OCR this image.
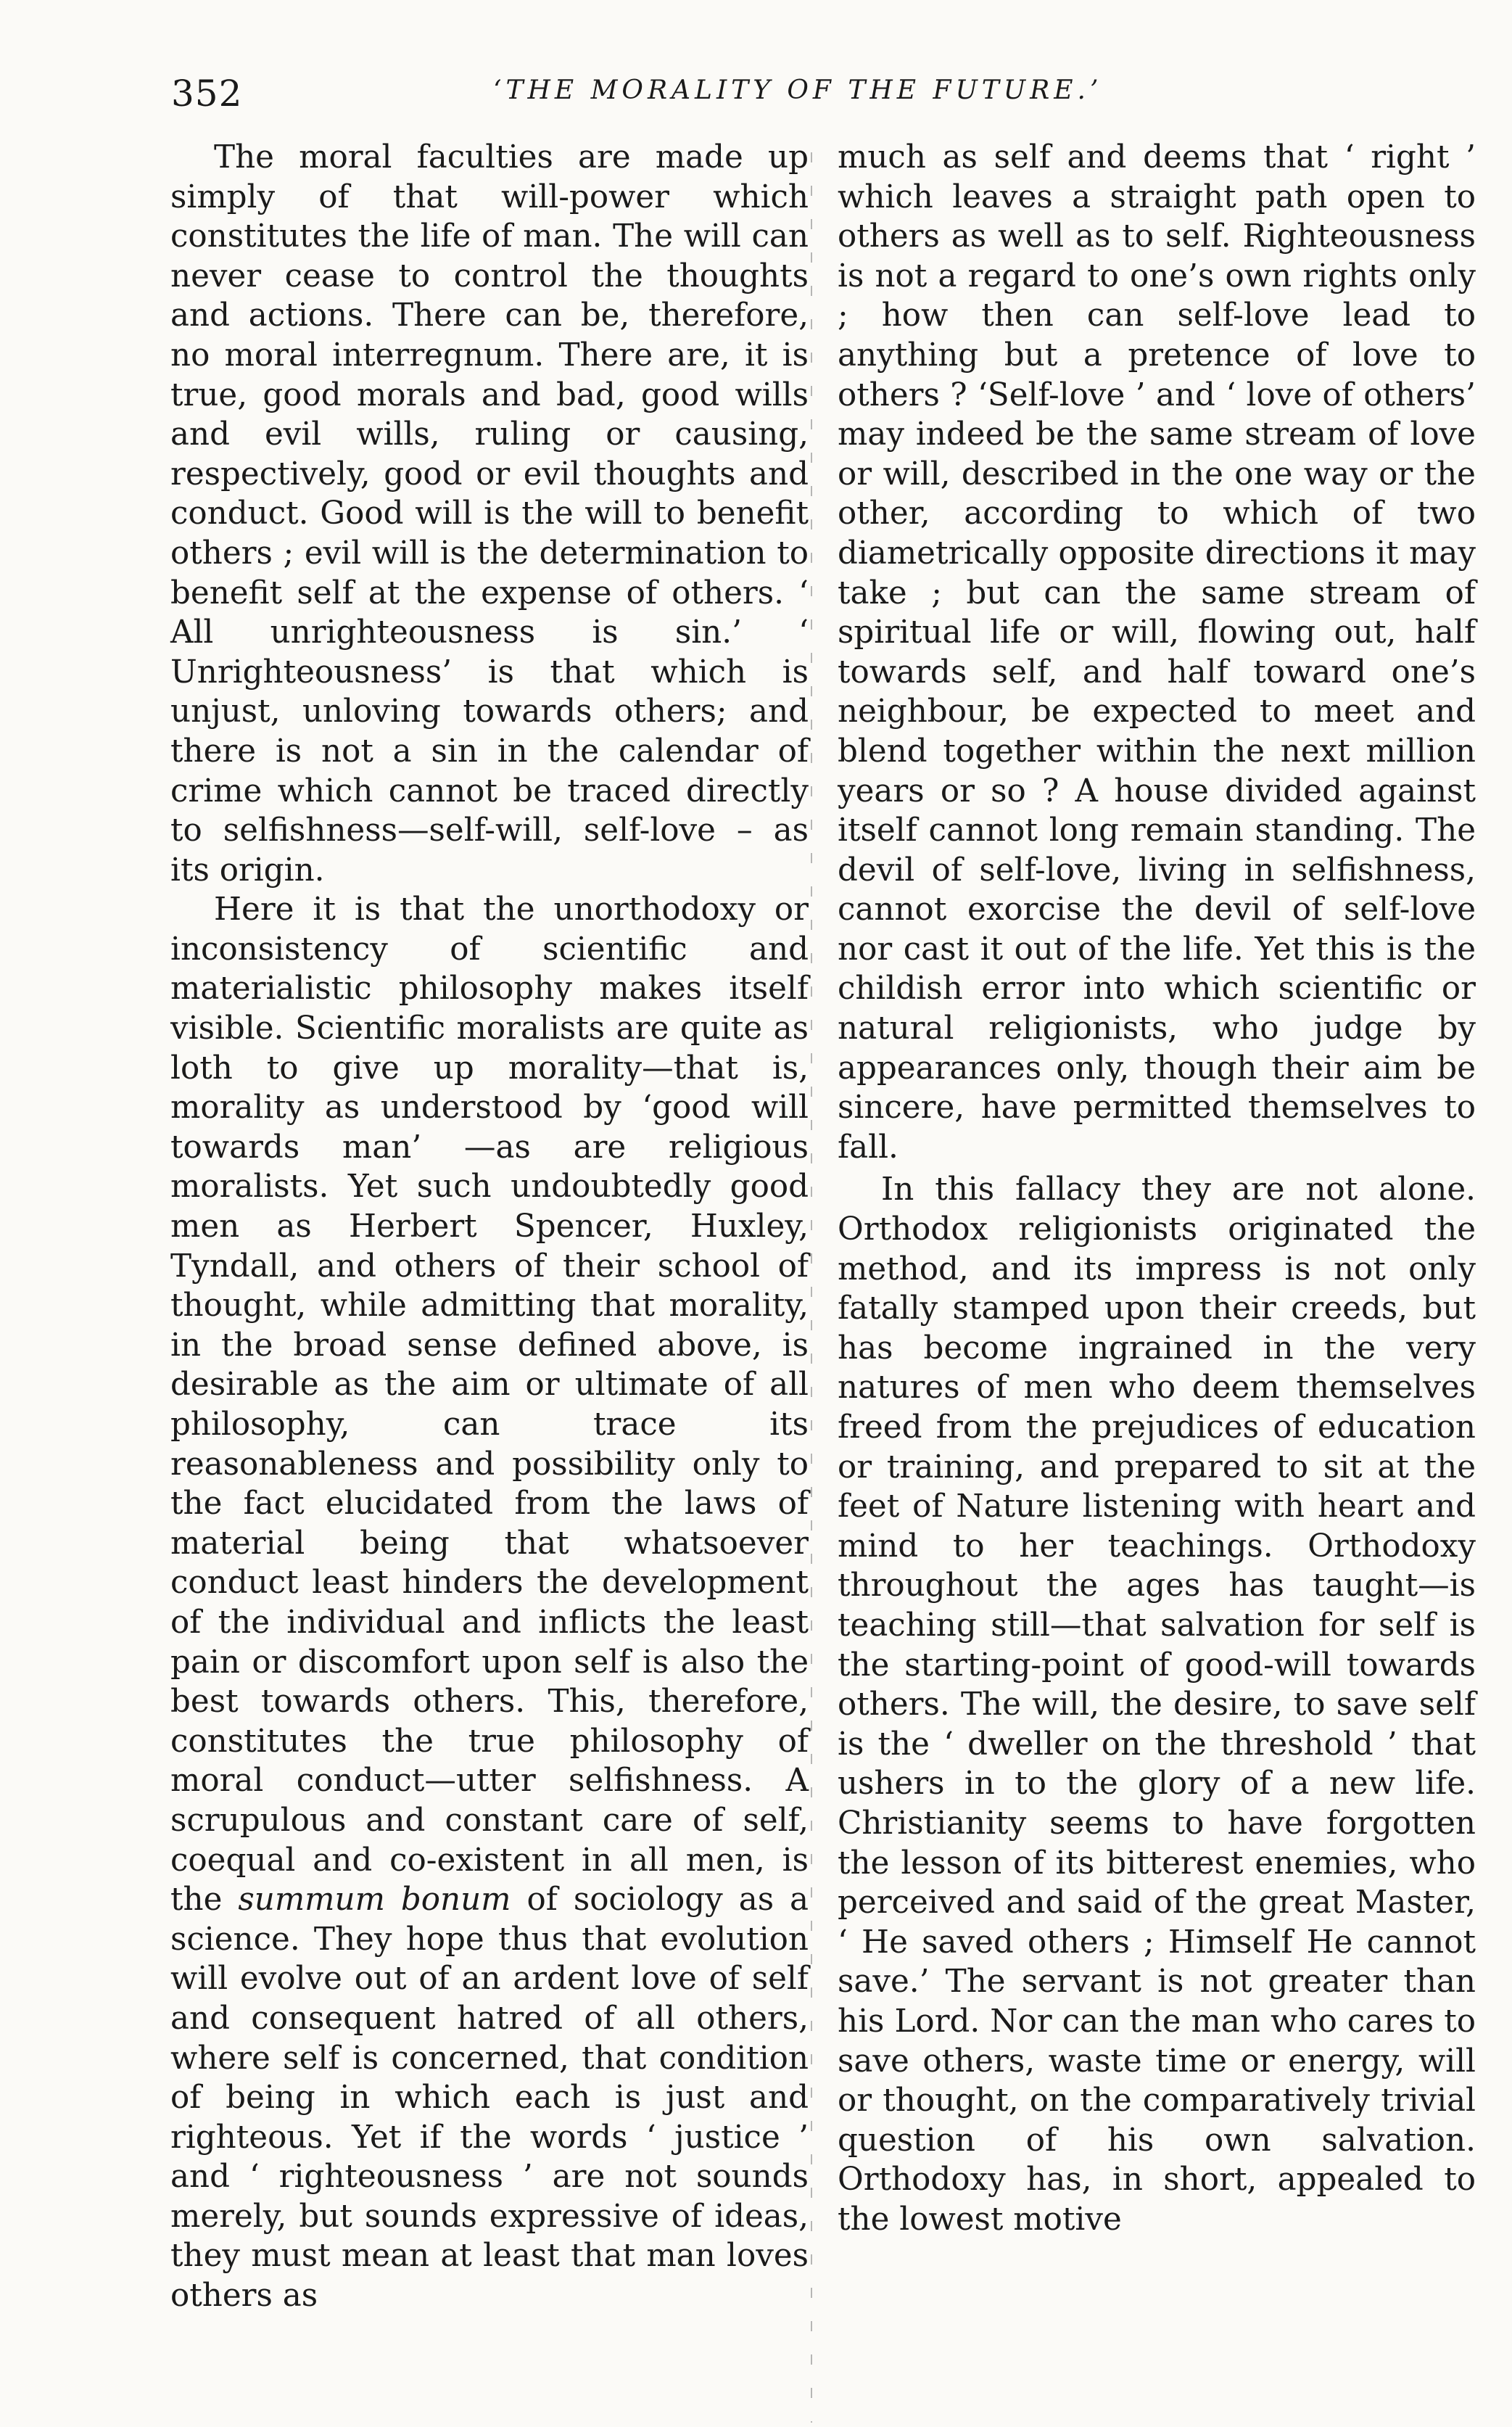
352	‘THE MORALITY OF THE FUTURE.’

The moral faculties are made up simply of that will-power which constitutes the life of man. The will can never cease to control the thoughts and actions. There can be, therefore, no moral interregnum. There are, it is true, good morals and bad, good wills and evil wills, ruling or causing, respectively, good or evil thoughts and conduct. Good will is the will to benefit others ; evil will is the determination to benefit self at the expense of others. ‘ All unrighteousness is sin.’ ‘ Unrighteousness’ is that which is unjust, unloving towards others; and there is not a sin in the calendar of crime which cannot be traced directly to selfishness—self-will, self-love – as its origin.

Here it is that the unorthodoxy or inconsistency of scientific and materialistic philosophy makes itself visible. Scientific moralists are quite as loth to give up morality—that is, morality as understood by ‘good will towards man’ —as are religious moralists. Yet such undoubtedly good men as Herbert Spencer, Huxley, Tyndall, and others of their school of thought, while admitting that morality, in the broad sense defined above, is desirable as the aim or ultimate of all philosophy, can trace its reasonableness and possibility only to the fact elucidated from the laws of material being that whatsoever conduct least hinders the development of the individual and inflicts the least pain or discomfort upon self is also the best towards others. This, therefore, constitutes the true philosophy of moral conduct—utter selfishness. A scrupulous and constant care of self, coequal and co-existent in all men, is the summum bonum of sociology as a science. They hope thus that evolution will evolve out of an ardent love of self and consequent hatred of all others, where self is concerned, that condition of being in which each is just and righteous. Yet if the words ‘ justice ’ and ‘ righteousness ’ are not sounds merely, but sounds expressive of ideas, they must mean at least that man loves others as

much as self and deems that ‘ right ’ which leaves a straight path open to others as well as to self. Righteousness is not a regard to one’s own rights only ; how then can self-love lead to anything but a pretence of love to others ? ‘Self-love ’ and ‘ love of others’ may indeed be the same stream of love or will, described in the one way or the other, according to which of two diametrically opposite directions it may take ; but can the same stream of spiritual life or will, flowing out, half towards self, and half toward one’s neighbour, be expected to meet and blend together within the next million years or so ? A house divided against itself cannot long remain standing. The devil of self-love, living in selfishness, cannot exorcise the devil of self-love nor cast it out of the life. Yet this is the childish error into which scientific or natural religionists, who judge by appearances only, though their aim be sincere, have permitted themselves to fall.

In this fallacy they are not alone. Orthodox religionists originated the method, and its impress is not only fatally stamped upon their creeds, but has become ingrained in the very natures of men who deem themselves freed from the prejudices of education or training, and prepared to sit at the feet of Nature listening with heart and mind to her teachings. Orthodoxy throughout the ages has taught—is teaching still—that salvation for self is the starting-point of good-will towards others. The will, the desire, to save self is the ‘ dweller on the threshold ’ that ushers in to the glory of a new life. Christianity seems to have forgotten the lesson of its bitterest enemies, who perceived and said of the great Master, ‘ He saved others ; Himself He cannot save.’ The servant is not greater than his Lord. Nor can the man who cares to save others, waste time or energy, will or thought, on the comparatively trivial question of his own salvation. Orthodoxy has, in short, appealed to the lowest motive
